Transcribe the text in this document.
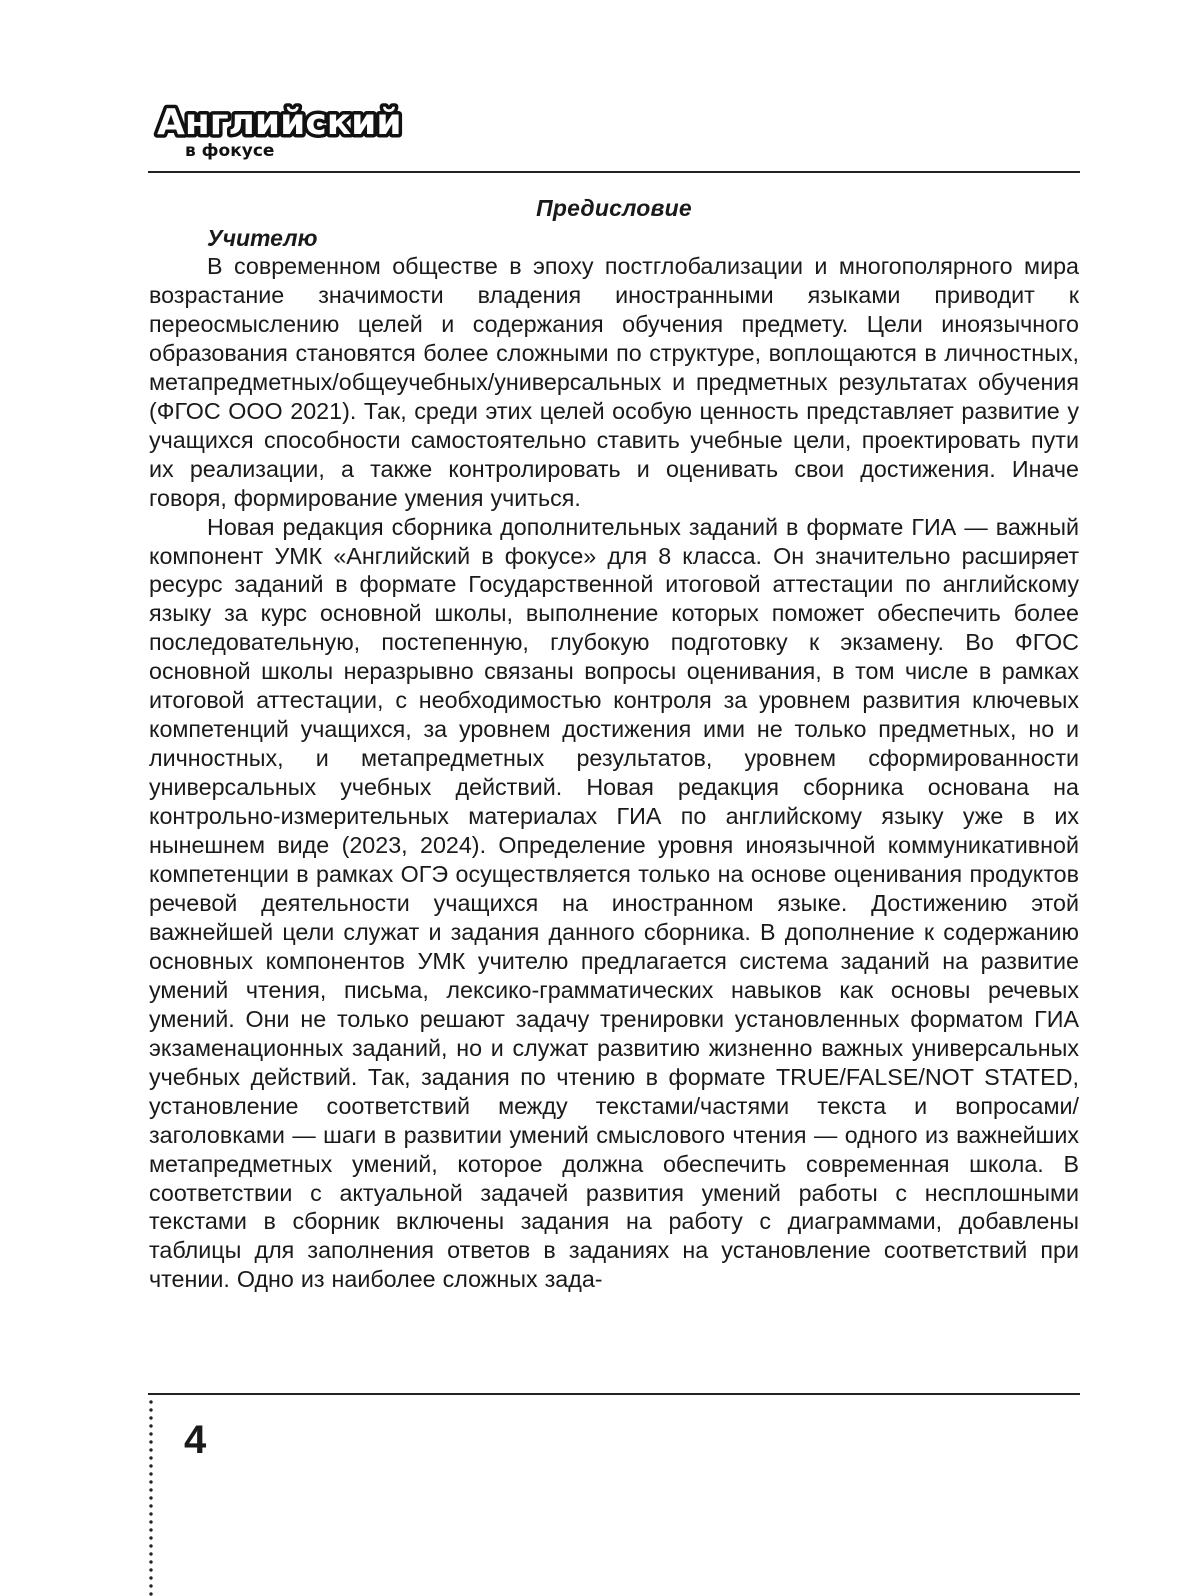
Английский
в фокусе
Предисловие
Учителю

В современном обществе в эпоху постглобализации и многополярного мира возрастание значимости владения иностранными языками приводит к переосмыслению целей и содержания обучения предмету. Цели иноязычного образования становятся более сложными по структуре, воплощаются в личностных, метапредметных/общеучебных/универсальных и предметных результатах обучения (ФГОС ООО 2021). Так, среди этих целей особую ценность представляет развитие у учащихся способности самостоятельно ставить учебные цели, проектировать пути их реализации, а также контролировать и оценивать свои достижения. Иначе говоря, формирование умения учиться.

Новая редакция сборника дополнительных заданий в формате ГИА — важный компонент УМК «Английский в фокусе» для 8 класса. Он значительно расширяет ресурс заданий в формате Государственной итоговой аттестации по английскому языку за курс основной школы, выполнение которых поможет обеспечить более последовательную, постепенную, глубокую подготовку к экзамену. Во ФГОС основной школы неразрывно связаны вопросы оценивания, в том числе в рамках итоговой аттестации, с необходимостью контроля за уровнем развития ключевых компетенций учащихся, за уровнем достижения ими не только предметных, но и личностных, и метапредметных результатов, уровнем сформированности универсальных учебных действий. Новая редакция сборника основана на контрольно-измерительных материалах ГИА по английскому языку уже в их нынешнем виде (2023, 2024). Определение уровня иноязычной коммуникативной компетенции в рамках ОГЭ осуществляется только на основе оценивания продуктов речевой деятельности учащихся на иностранном языке. Достижению этой важнейшей цели служат и задания данного сборника. В дополнение к содержанию основных компонентов УМК учителю предлагается система заданий на развитие умений чтения, письма, лексико-грамматических навыков как основы речевых умений. Они не только решают задачу тренировки установленных форматом ГИА экзаменационных заданий, но и служат развитию жизненно важных универсальных учебных действий. Так, задания по чтению в формате TRUE/FALSE/NOT STATED, установление соответствий между текстами/частями текста и вопросами/заголовками — шаги в развитии умений смыслового чтения — одного из важнейших метапредметных умений, которое должна обеспечить современная школа. В соответствии с актуальной задачей развития умений работы с несплошными текстами в сборник включены задания на работу с диаграммами, добавлены таблицы для заполнения ответов в заданиях на установление соответствий при чтении. Одно из наиболее сложных зада-

4
